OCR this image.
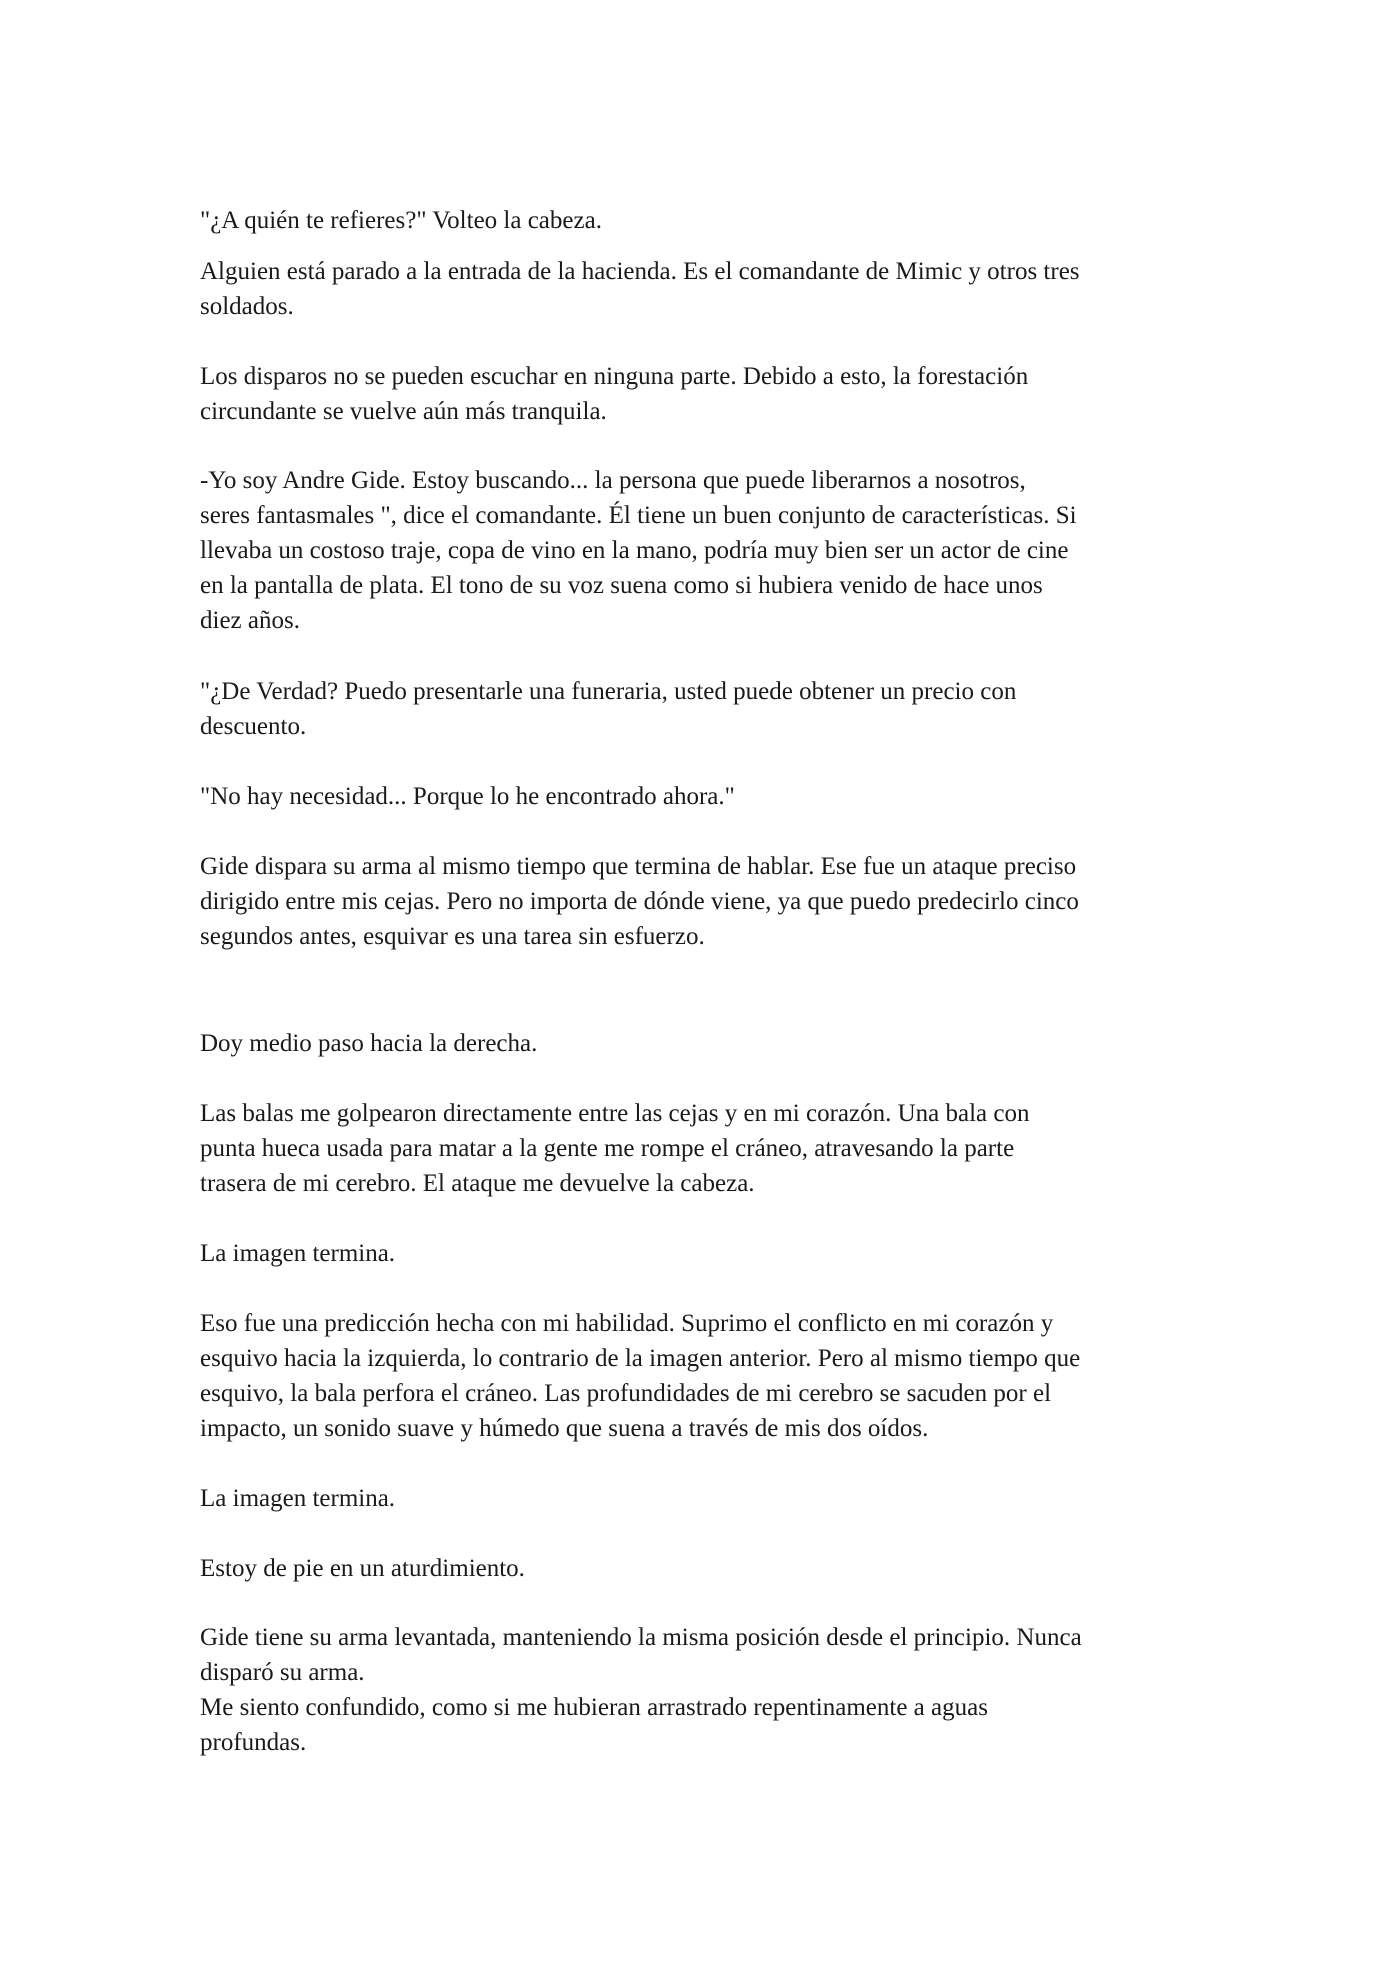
"¿A quién te refieres?" Volteo la cabeza.

Alguien está parado a la entrada de la hacienda. Es el comandante de Mimic y otros tres
soldados.

Los disparos no se pueden escuchar en ninguna parte. Debido a esto, la forestación
circundante se vuelve aún más tranquila.

-Yo soy Andre Gide. Estoy buscando... la persona que puede liberarnos a nosotros,
seres fantasmales ", dice el comandante. Él tiene un buen conjunto de características. Si
llevaba un costoso traje, copa de vino en la mano, podría muy bien ser un actor de cine
en la pantalla de plata. El tono de su voz suena como si hubiera venido de hace unos
diez años.

"¿De Verdad? Puedo presentarle una funeraria, usted puede obtener un precio con
descuento.

"No hay necesidad... Porque lo he encontrado ahora."

Gide dispara su arma al mismo tiempo que termina de hablar. Ese fue un ataque preciso
dirigido entre mis cejas. Pero no importa de dónde viene, ya que puedo predecirlo cinco
segundos antes, esquivar es una tarea sin esfuerzo.

Doy medio paso hacia la derecha.

Las balas me golpearon directamente entre las cejas y en mi corazón. Una bala con
punta hueca usada para matar a la gente me rompe el cráneo, atravesando la parte
trasera de mi cerebro. El ataque me devuelve la cabeza.

La imagen termina.

Eso fue una predicción hecha con mi habilidad. Suprimo el conflicto en mi corazón y
esquivo hacia la izquierda, lo contrario de la imagen anterior. Pero al mismo tiempo que
esquivo, la bala perfora el cráneo. Las profundidades de mi cerebro se sacuden por el
impacto, un sonido suave y húmedo que suena a través de mis dos oídos.

La imagen termina.

Estoy de pie en un aturdimiento.

Gide tiene su arma levantada, manteniendo la misma posición desde el principio. Nunca
disparó su arma.
Me siento confundido, como si me hubieran arrastrado repentinamente a aguas
profundas.
